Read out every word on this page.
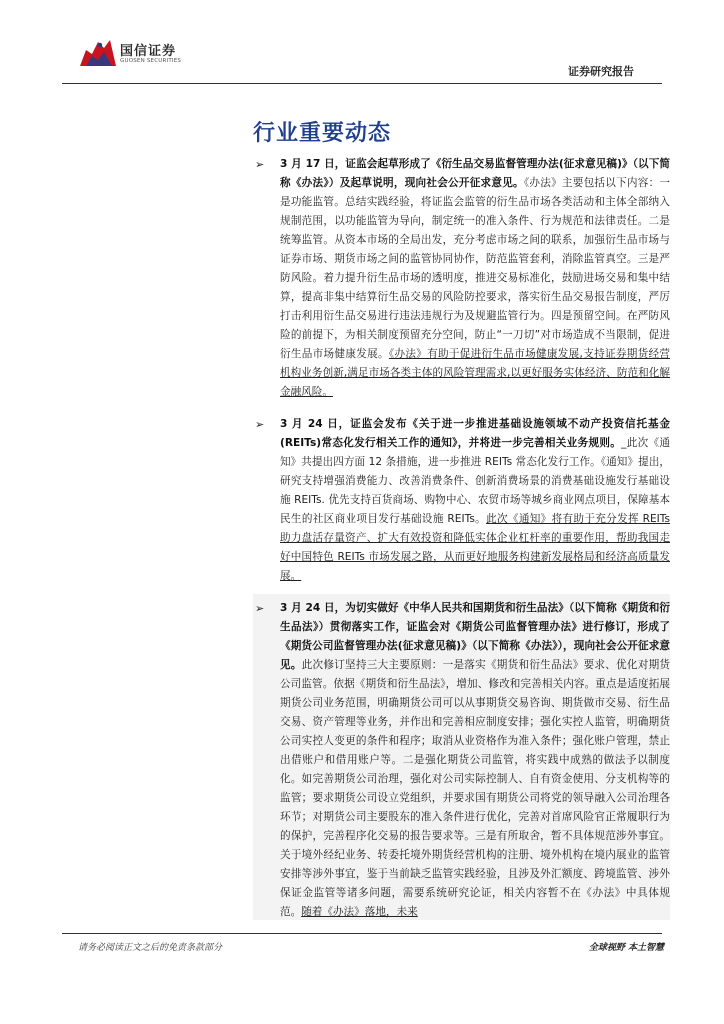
国信证券
GUOSEN SECURITIES
证券研究报告
行业重要动态
➢ 3 月 17 日，证监会起草形成了《衍生品交易监督管理办法(征求意见稿)》（以下简称《办法》）及起草说明，现向社会公开征求意见。《办法》主要包括以下内容：一是功能监管。总结实践经验，将证监会监管的衍生品市场各类活动和主体全部纳入规制范围，以功能监管为导向，制定统一的准入条件、行为规范和法律责任。二是统筹监管。从资本市场的全局出发，充分考虑市场之间的联系，加强衍生品市场与证券市场、期货市场之间的监管协同协作，防范监管套利，消除监管真空。三是严防风险。着力提升衍生品市场的透明度，推进交易标准化，鼓励进场交易和集中结算，提高非集中结算衍生品交易的风险防控要求，落实衍生品交易报告制度，严厉打击利用衍生品交易进行违法违规行为及规避监管行为。四是预留空间。在严防风险的前提下，为相关制度预留充分空间，防止“一刀切”对市场造成不当限制，促进衍生品市场健康发展。《办法》有助于促进衍生品市场健康发展,支持证券期货经营机构业务创新,满足市场各类主体的风险管理需求,以更好服务实体经济、防范和化解金融风险。

➢ 3 月 24 日，证监会发布《关于进一步推进基础设施领域不动产投资信托基金(REITs)常态化发行相关工作的通知》，并将进一步完善相关业务规则。_此次《通知》共提出四方面 12 条措施，进一步推进 REITs 常态化发行工作。《通知》提出，研究支持增强消费能力、改善消费条件、创新消费场景的消费基础设施发行基础设施 REITs. 优先支持百货商场、购物中心、农贸市场等城乡商业网点项目，保障基本民生的社区商业项目发行基础设施 REITs。此次《通知》将有助于充分发挥 REITs 助力盘活存量资产、扩大有效投资和降低实体企业杠杆率的重要作用，帮助我国走好中国特色 REITs 市场发展之路，从而更好地服务构建新发展格局和经济高质量发展。

➢ 3 月 24 日，为切实做好《中华人民共和国期货和衍生品法》（以下简称《期货和衍生品法》）贯彻落实工作，证监会对《期货公司监督管理办法》进行修订，形成了《期货公司监督管理办法(征求意见稿)》（以下简称《办法》），现向社会公开征求意见。此次修订坚持三大主要原则：一是落实《期货和衍生品法》要求、优化对期货公司监管。依据《期货和衍生品法》，增加、修改和完善相关内容。重点是适度拓展期货公司业务范围，明确期货公司可以从事期货交易咨询、期货做市交易、衍生品交易、资产管理等业务，并作出和完善相应制度安排；强化实控人监管，明确期货公司实控人变更的条件和程序；取消从业资格作为准入条件；强化账户管理，禁止出借账户和借用账户等。二是强化期货公司监管，将实践中成熟的做法予以制度化。如完善期货公司治理，强化对公司实际控制人、自有资金使用、分支机构等的监管；要求期货公司设立党组织，并要求国有期货公司将党的领导融入公司治理各环节；对期货公司主要股东的准入条件进行优化，完善对首席风险官正常履职行为的保护，完善程序化交易的报告要求等。三是有所取舍，暂不具体规范涉外事宜。关于境外经纪业务、转委托境外期货经营机构的注册、境外机构在境内展业的监管安排等涉外事宜，鉴于当前缺乏监管实践经验，且涉及外汇额度、跨境监管、涉外保证金监管等诸多问题，需要系统研究论证，相关内容暂不在《办法》中具体规范。随着《办法》落地，未来

请务必阅读正文之后的免责条款部分	全球视野 本土智慧
